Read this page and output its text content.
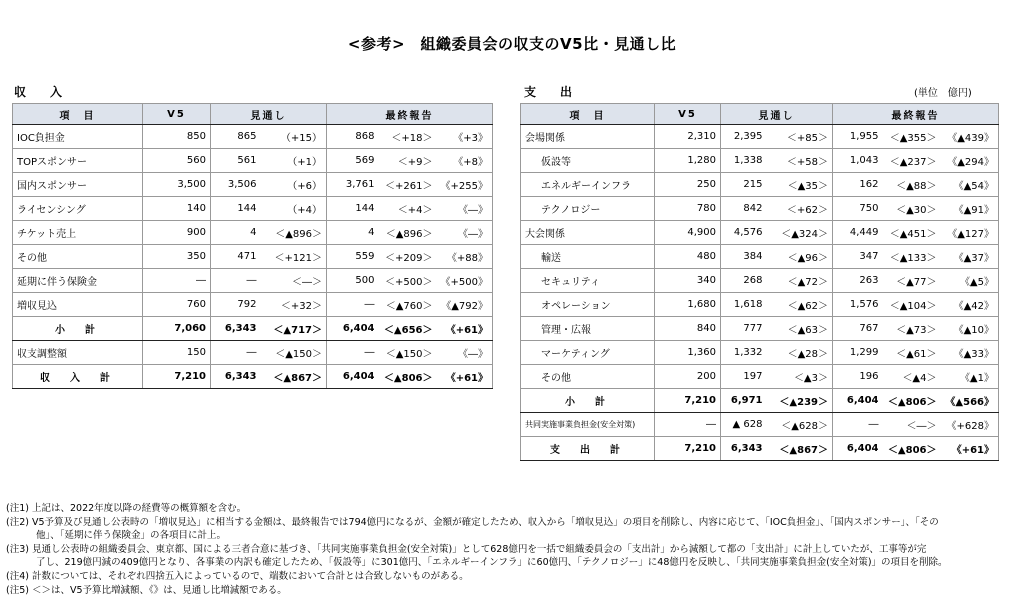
<参考>　組織委員会の収支のV5比・見通し比
収　入	支　出	(単位　億円)
項　目	V5	見通し		最終報告		
IOC負担金	850	865	（+15）	868	＜+18＞	《+3》
TOPスポンサー	560	561	（+1）	569	＜+9＞	《+8》
国内スポンサー	3,500	3,506	（+6）	3,761	＜+261＞	《+255》
ライセンシング	140	144	（+4）	144	＜+4＞	《―》
チケット売上	900	4	＜▲896＞	4	＜▲896＞	《―》
その他	350	471	＜+121＞	559	＜+209＞	《+88》
延期に伴う保険金	―	―	＜―＞	500	＜+500＞	《+500》
増収見込	760	792	＜+32＞	―	＜▲760＞	《▲792》
小　計	7,060	6,343	＜▲717＞	6,404	＜▲656＞	《+61》
収支調整額	150	―	＜▲150＞	―	＜▲150＞	《―》
収　入　計	7,210	6,343	＜▲867＞	6,404	＜▲806＞	《+61》
項　目	V5	見通し		最終報告		
会場関係	2,310	2,395	＜+85＞	1,955	＜▲355＞	《▲439》
仮設等	1,280	1,338	＜+58＞	1,043	＜▲237＞	《▲294》
エネルギーインフラ	250	215	＜▲35＞	162	＜▲88＞	《▲54》
テクノロジー	780	842	＜+62＞	750	＜▲30＞	《▲91》
大会関係	4,900	4,576	＜▲324＞	4,449	＜▲451＞	《▲127》
輸送	480	384	＜▲96＞	347	＜▲133＞	《▲37》
セキュリティ	340	268	＜▲72＞	263	＜▲77＞	《▲5》
オペレーション	1,680	1,618	＜▲62＞	1,576	＜▲104＞	《▲42》
管理・広報	840	777	＜▲63＞	767	＜▲73＞	《▲10》
マーケティング	1,360	1,332	＜▲28＞	1,299	＜▲61＞	《▲33》
その他	200	197	＜▲3＞	196	＜▲4＞	《▲1》
小　計	7,210	6,971	＜▲239＞	6,404	＜▲806＞	《▲566》
共同実施事業負担金(安全対策)	―	▲ 628	＜▲628＞	―	＜―＞	《+628》
支　出　計	7,210	6,343	＜▲867＞	6,404	＜▲806＞	《+61》
(注1) 上記は、2022年度以降の経費等の概算額を含む。
(注2) V5予算及び見通し公表時の「増収見込」に相当する金額は、最終報告では794億円になるが、金額が確定したため、収入から「増収見込」の項目を削除し、内容に応じて、「IOC負担金」、「国内スポンサー」、「その
他」、「延期に伴う保険金」の各項目に計上。
(注3) 見通し公表時の組織委員会、東京都、国による三者合意に基づき、「共同実施事業負担金(安全対策)」として628億円を一括で組織委員会の「支出計」から減額して都の「支出計」に計上していたが、工事等が完
了し、219億円減の409億円となり、各事業の内訳も確定したため、「仮設等」に301億円、「エネルギーインフラ」に60億円、「テクノロジー」に48億円を反映し、「共同実施事業負担金(安全対策)」の項目を削除。
(注4) 計数については、それぞれ四捨五入によっているので、端数において合計とは合致しないものがある。
(注5) ＜＞は、V5予算比増減額、《》は、見通し比増減額である。
